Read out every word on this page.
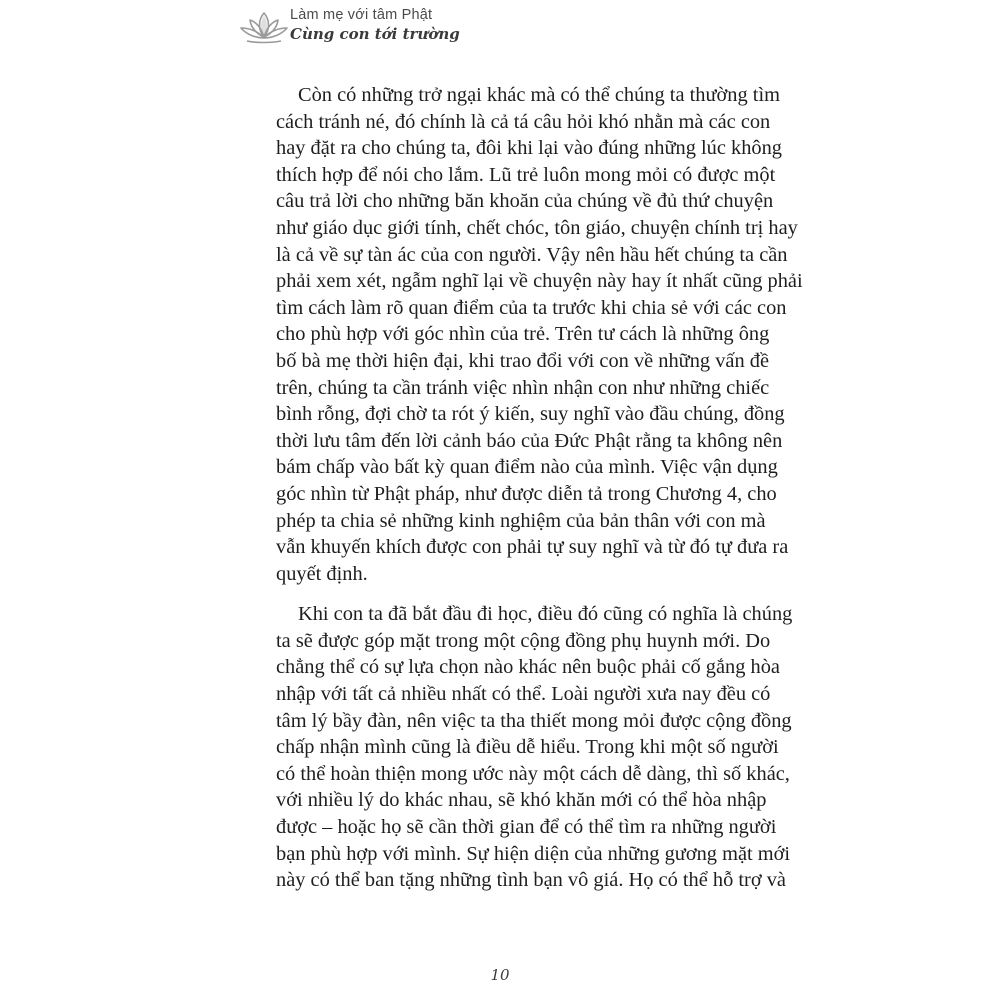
Làm mẹ với tâm Phật
Cùng con tới trường
Còn có những trở ngại khác mà có thể chúng ta thường tìm
cách tránh né, đó chính là cả tá câu hỏi khó nhằn mà các con
hay đặt ra cho chúng ta, đôi khi lại vào đúng những lúc không
thích hợp để nói cho lắm. Lũ trẻ luôn mong mỏi có được một
câu trả lời cho những băn khoăn của chúng về đủ thứ chuyện
như giáo dục giới tính, chết chóc, tôn giáo, chuyện chính trị hay
là cả về sự tàn ác của con người. Vậy nên hầu hết chúng ta cần
phải xem xét, ngẫm nghĩ lại về chuyện này hay ít nhất cũng phải
tìm cách làm rõ quan điểm của ta trước khi chia sẻ với các con
cho phù hợp với góc nhìn của trẻ. Trên tư cách là những ông
bố bà mẹ thời hiện đại, khi trao đổi với con về những vấn đề
trên, chúng ta cần tránh việc nhìn nhận con như những chiếc
bình rỗng, đợi chờ ta rót ý kiến, suy nghĩ vào đầu chúng, đồng
thời lưu tâm đến lời cảnh báo của Đức Phật rằng ta không nên
bám chấp vào bất kỳ quan điểm nào của mình. Việc vận dụng
góc nhìn từ Phật pháp, như được diễn tả trong Chương 4, cho
phép ta chia sẻ những kinh nghiệm của bản thân với con mà
vẫn khuyến khích được con phải tự suy nghĩ và từ đó tự đưa ra
quyết định.
Khi con ta đã bắt đầu đi học, điều đó cũng có nghĩa là chúng
ta sẽ được góp mặt trong một cộng đồng phụ huynh mới. Do
chẳng thể có sự lựa chọn nào khác nên buộc phải cố gắng hòa
nhập với tất cả nhiều nhất có thể. Loài người xưa nay đều có
tâm lý bầy đàn, nên việc ta tha thiết mong mỏi được cộng đồng
chấp nhận mình cũng là điều dễ hiểu. Trong khi một số người
có thể hoàn thiện mong ước này một cách dễ dàng, thì số khác,
với nhiều lý do khác nhau, sẽ khó khăn mới có thể hòa nhập
được – hoặc họ sẽ cần thời gian để có thể tìm ra những người
bạn phù hợp với mình. Sự hiện diện của những gương mặt mới
này có thể ban tặng những tình bạn vô giá. Họ có thể hỗ trợ và
10
